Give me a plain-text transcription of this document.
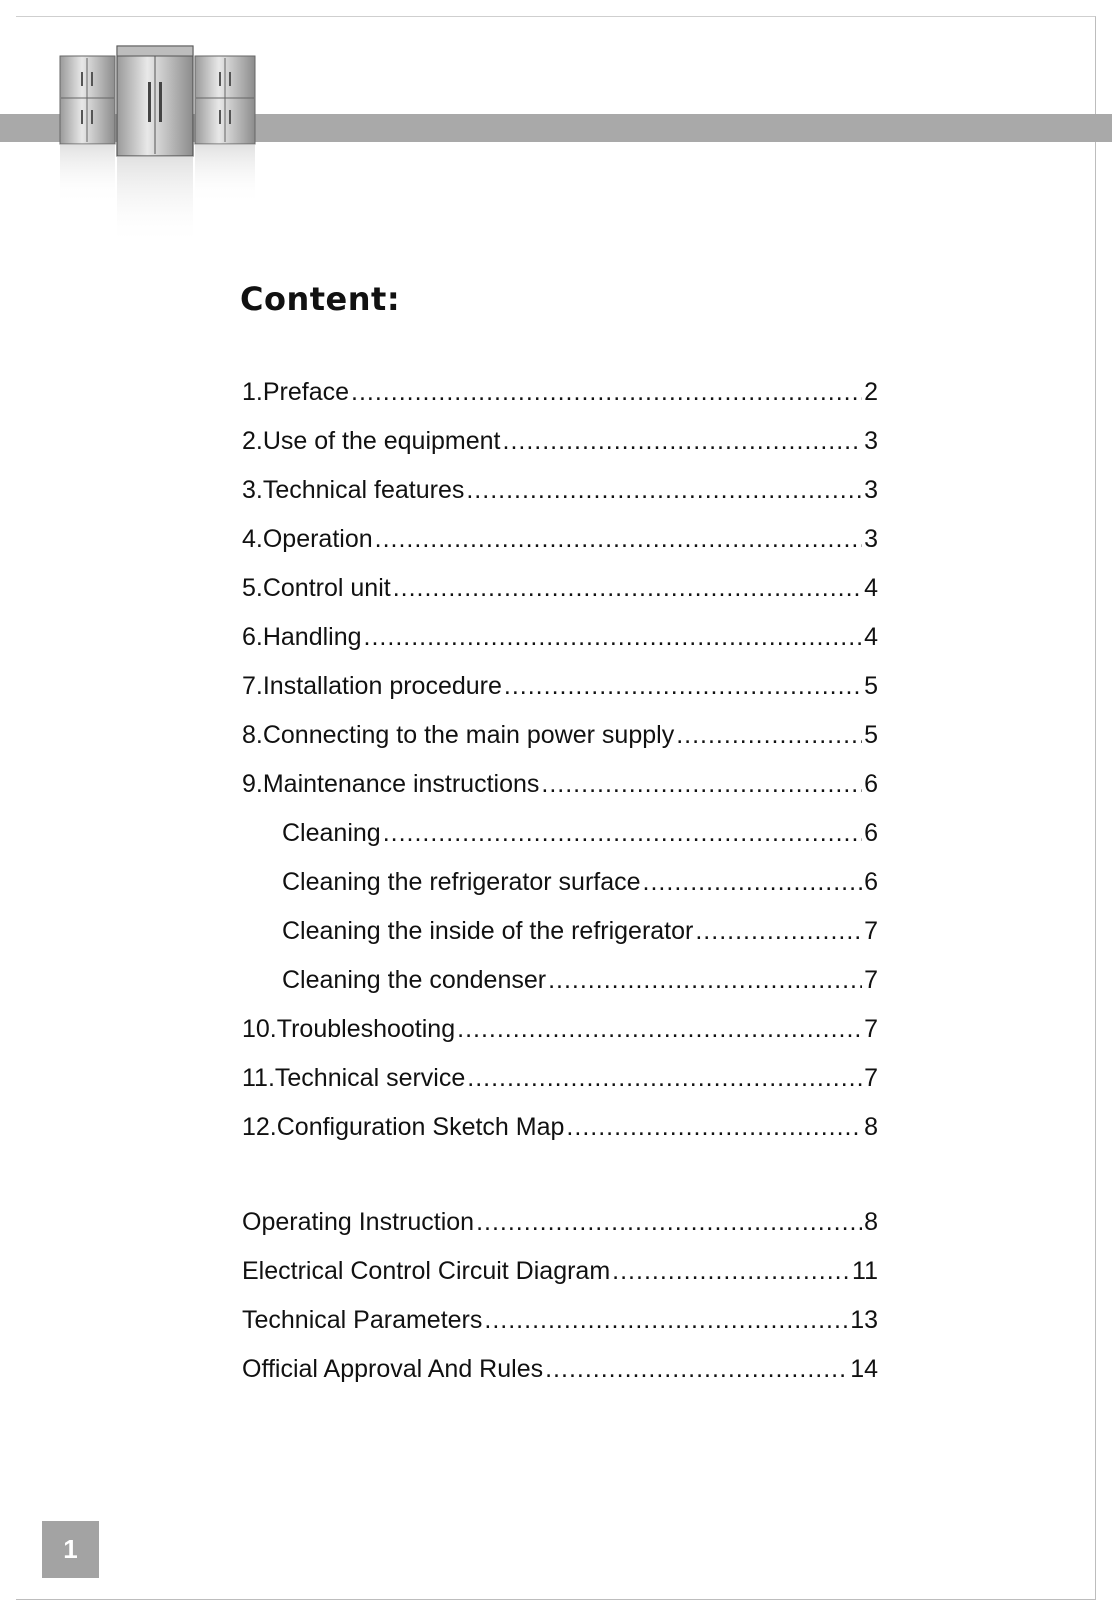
Content:
1.Preface .....	2
2.Use of the equipment .....	3
3.Technical features .....	3
4.Operation .....	3
5.Control unit .....	4
6.Handling .....	4
7.Installation procedure .....	5
8.Connecting to the main power supply .....	5
9.Maintenance instructions .....	6
Cleaning .....	6
Cleaning the refrigerator surface .....	6
Cleaning the inside of the refrigerator .....	7
Cleaning the condenser .....	7
10.Troubleshooting .....	7
11.Technical service .....	7
12.Configuration Sketch Map .....	8
Operating Instruction .....	8
Electrical Control Circuit Diagram .....	11
Technical Parameters .....	13
Official Approval And Rules .....	14
1
